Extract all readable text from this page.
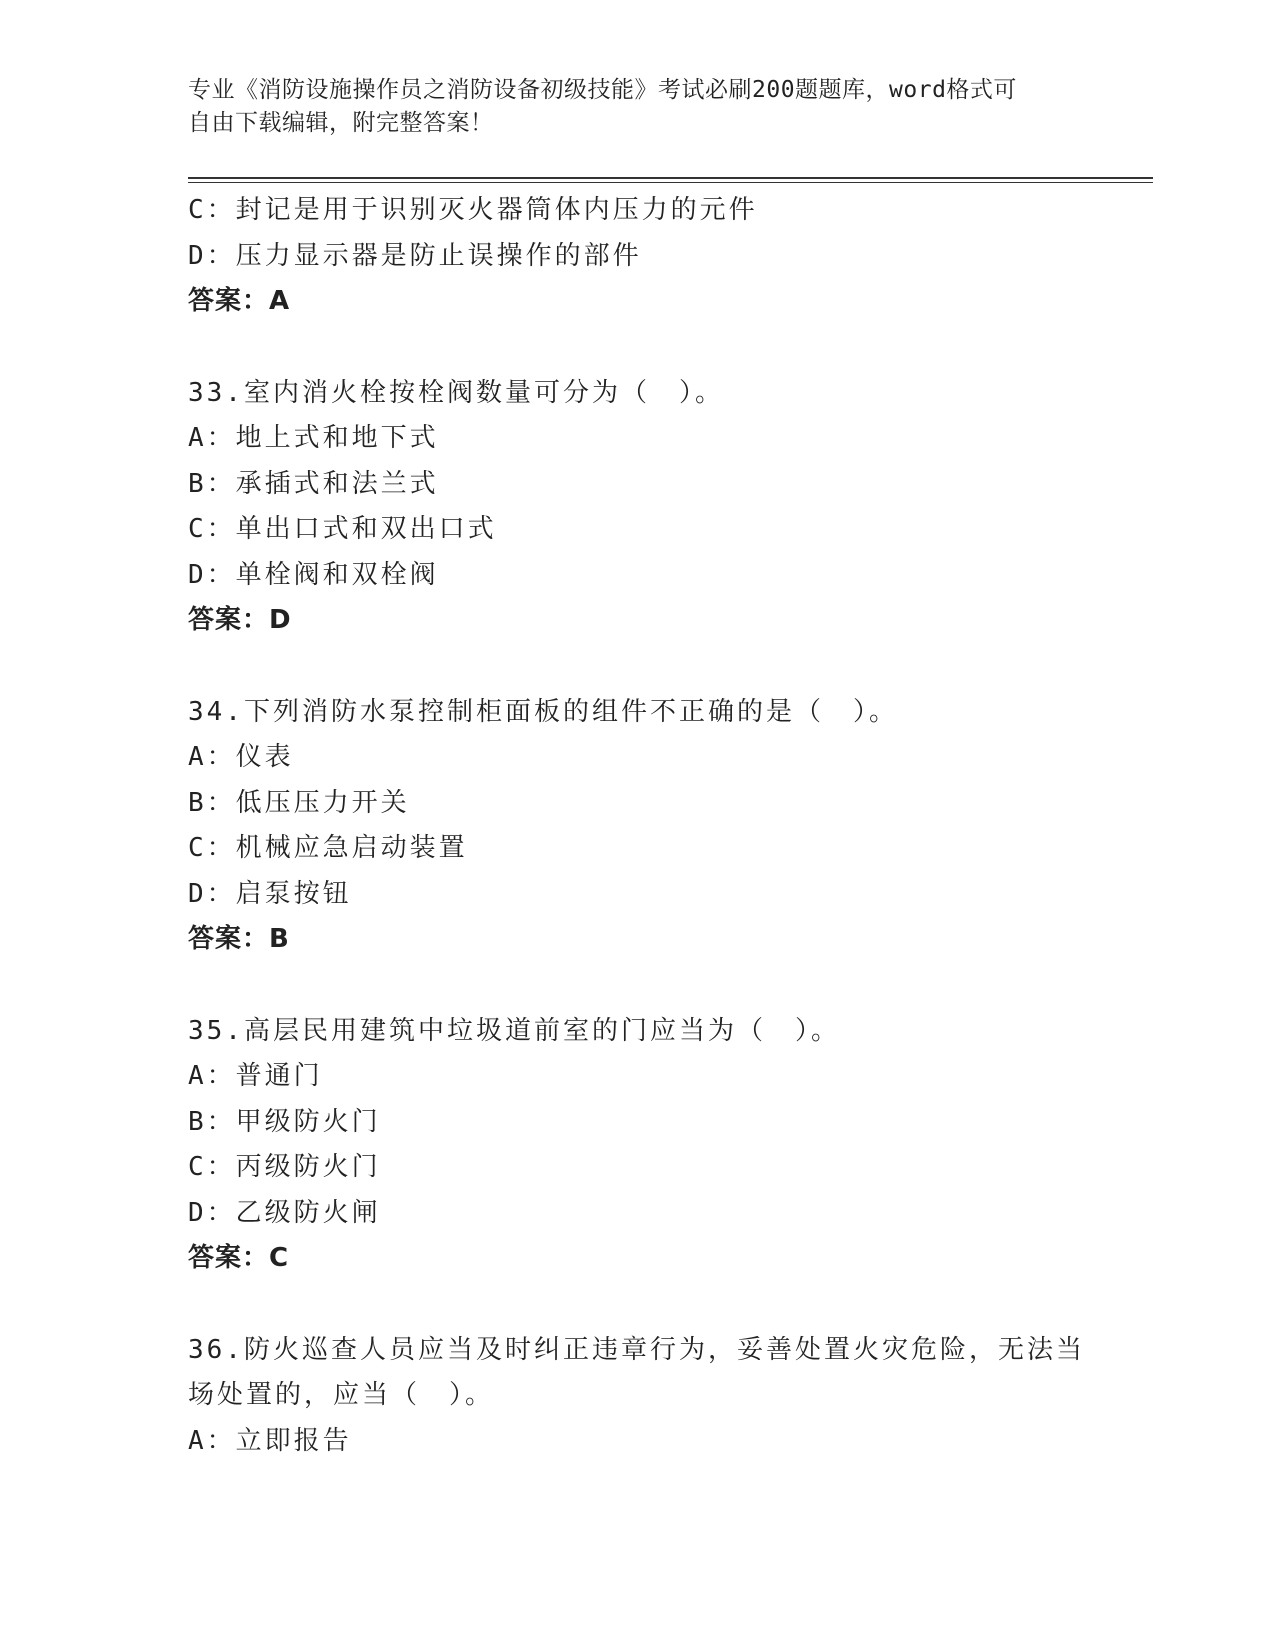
专业《消防设施操作员之消防设备初级技能》考试必刷200题题库，word格式可
自由下载编辑，附完整答案！
C：封记是用于识别灭火器筒体内压力的元件
D：压力显示器是防止误操作的部件
答案：A
33.室内消火栓按栓阀数量可分为（　）。
A：地上式和地下式
B：承插式和法兰式
C：单出口式和双出口式
D：单栓阀和双栓阀
答案：D
34.下列消防水泵控制柜面板的组件不正确的是（　）。
A：仪表
B：低压压力开关
C：机械应急启动装置
D：启泵按钮
答案：B
35.高层民用建筑中垃圾道前室的门应当为（　）。
A：普通门
B：甲级防火门
C：丙级防火门
D：乙级防火闸
答案：C
36.防火巡查人员应当及时纠正违章行为，妥善处置火灾危险，无法当
场处置的，应当（　）。
A：立即报告
